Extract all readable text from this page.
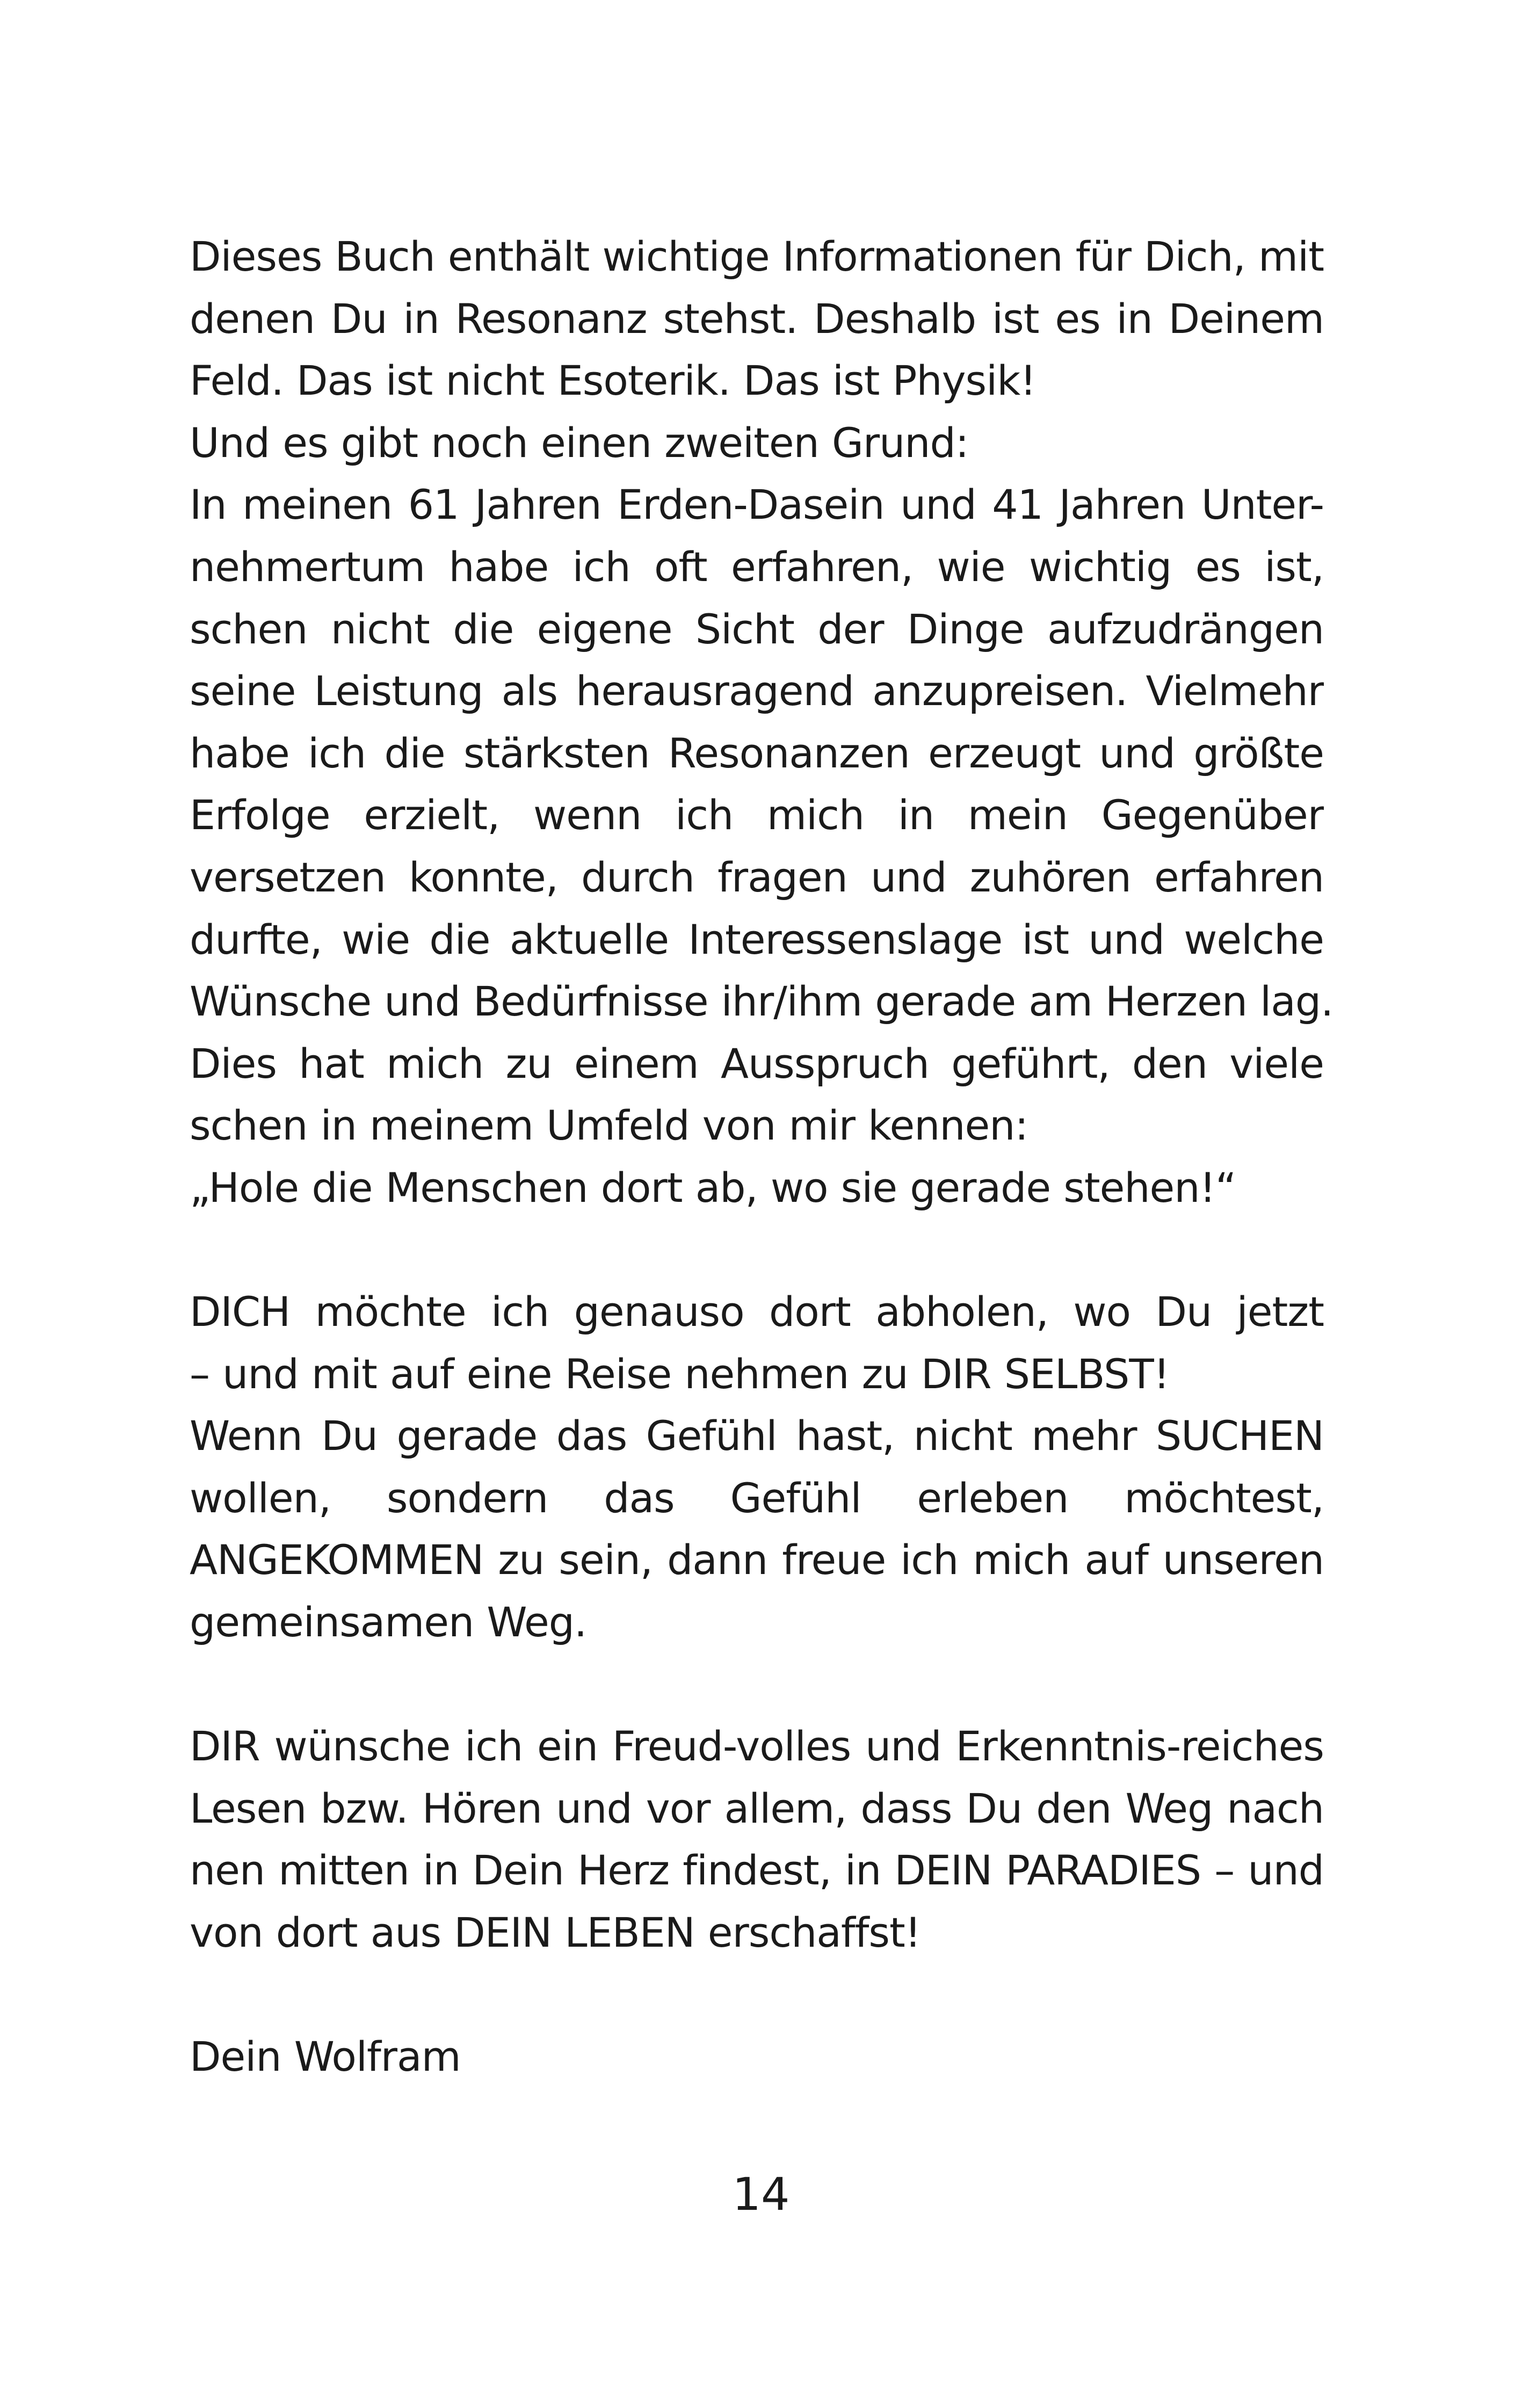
Dieses Buch enthält wichtige Informationen für Dich, mit
denen Du in Resonanz stehst. Deshalb ist es in Deinem
Feld. Das ist nicht Esoterik. Das ist Physik!
Und es gibt noch einen zweiten Grund:
In meinen 61 Jahren Erden-Dasein und 41 Jahren Unter-
nehmertum habe ich oft erfahren, wie wichtig es ist,
schen nicht die eigene Sicht der Dinge aufzudrängen
seine Leistung als herausragend anzupreisen. Vielmehr
habe ich die stärksten Resonanzen erzeugt und größte
Erfolge erzielt, wenn ich mich in mein Gegenüber
versetzen konnte, durch fragen und zuhören erfahren
durfte, wie die aktuelle Interessenslage ist und welche
Wünsche und Bedürfnisse ihr/ihm gerade am Herzen lag.
Dies hat mich zu einem Ausspruch geführt, den viele
schen in meinem Umfeld von mir kennen:
„Hole die Menschen dort ab, wo sie gerade stehen!“
DICH möchte ich genauso dort abholen, wo Du jetzt
– und mit auf eine Reise nehmen zu DIR SELBST!
Wenn Du gerade das Gefühl hast, nicht mehr SUCHEN
wollen, sondern das Gefühl erleben möchtest,
ANGEKOMMEN zu sein, dann freue ich mich auf unseren
gemeinsamen Weg.
DIR wünsche ich ein Freud-volles und Erkenntnis-reiches
Lesen bzw. Hören und vor allem, dass Du den Weg nach
nen mitten in Dein Herz findest, in DEIN PARADIES – und
von dort aus DEIN LEBEN erschaffst!
Dein Wolfram
14
